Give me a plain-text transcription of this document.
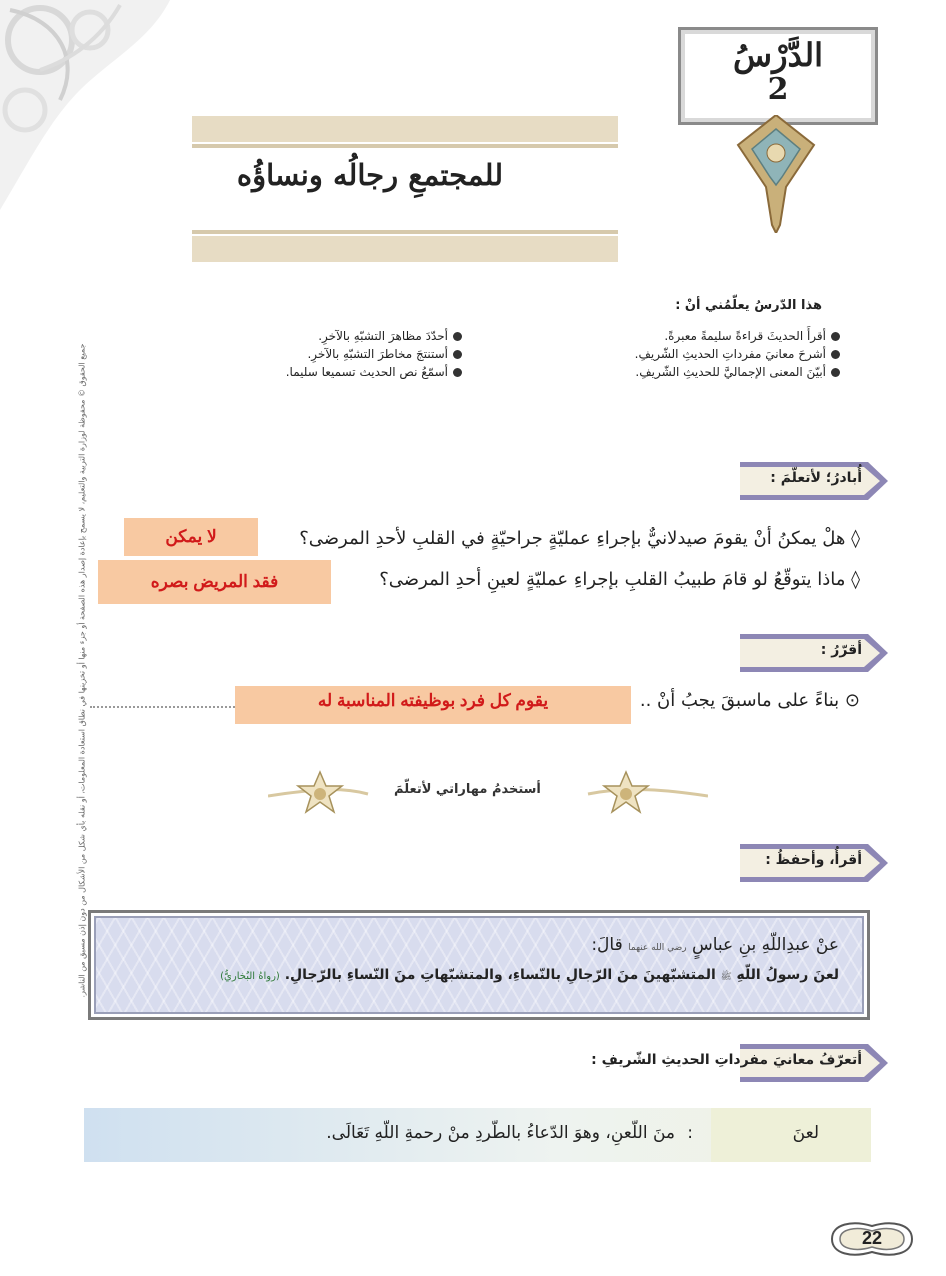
جميع الحقوق © محفوظة لوزارة التربية والتعليم، لا يسمح بإعادة إصدار هذه الصفحة أو جزء منها أو تخزينها في نطاق استعادة المعلومات، أو نقله بأي شكل من الأشكال من دون إذن مسبق من الناشر.
الدَّرْسُ
2
للمجتمعِ رجالُه ونساؤُه
هذا الدّرسُ يعلّمُني أنْ :
أقرأَ الحديثَ قراءةً سليمةً معبرةً.
أشرحَ معانيَ مفرداتِ الحديثِ الشّريفِ.
أبيّنَ المعنى الإجماليَّ للحديثِ الشّريفِ.
أحدّدَ مظاهرَ التشبّهِ بالآخرِ.
أستنتجَ مخاطرَ التشبّهِ بالآخرِ.
أسمّعُ نص الحديث تسميعا سليما.
أُبادرُ؛ لأتعلّمَ :
◊ هلْ يمكنُ أنْ يقومَ صيدلانيٌّ بإجراءِ عمليّةٍ جراحيّةٍ في القلبِ لأحدِ المرضى؟
لا يمكن
◊ ماذا يتوقّعُ لو قامَ طبيبُ القلبِ بإجراءِ عمليّةٍ لعينِ أحدِ المرضى؟
فقد المريض بصره
أقرّرُ :
⊙ بناءً على ماسبقَ يجبُ أنْ ..
يقوم كل فرد بوظيفته المناسبة له
أستخدمُ مهاراتي لأتعلّمَ
أقرأُ، وأحفظُ :
عنْ عبدِاللّهِ بنِ عباسٍ رضي الله عنهما قالَ:
لعنَ رسولُ اللّهِ ﷺ المتشبّهينَ منَ الرّجالِ بالنّساءِ، والمتشبّهاتِ منَ النّساءِ بالرّجالِ. (رواهُ البُخاريُّ)
أتعرّفُ معانيَ مفرداتِ الحديثِ الشّريفِ :
لعنَ
:
منَ اللّعنِ، وهوَ الدّعاءُ بالطّردِ منْ رحمةِ اللّهِ تَعَالَى.
22
